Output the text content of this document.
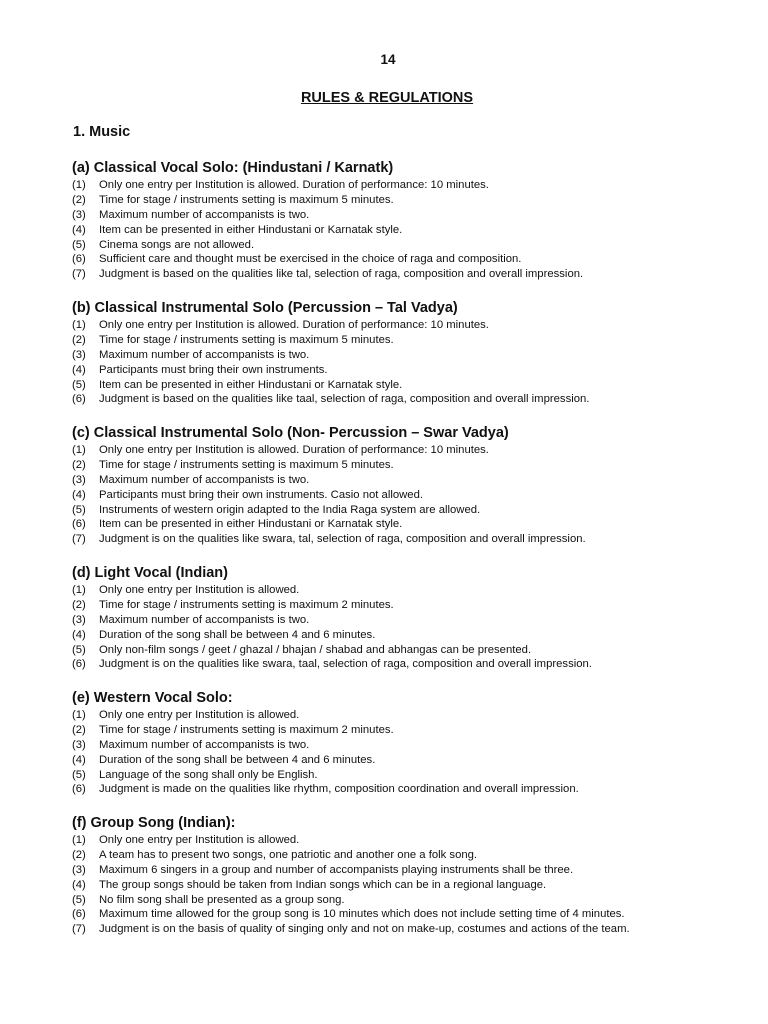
14
RULES & REGULATIONS
1. Music
(a) Classical Vocal Solo: (Hindustani / Karnatk)
(1) Only one entry per Institution is allowed. Duration of performance: 10 minutes.
(2) Time for stage / instruments setting is maximum 5 minutes.
(3) Maximum number of accompanists is two.
(4) Item can be presented in either Hindustani or Karnatak style.
(5) Cinema songs are not allowed.
(6) Sufficient care and thought must be exercised in the choice of raga and composition.
(7) Judgment is based on the qualities like tal, selection of raga, composition and overall impression.
(b) Classical Instrumental Solo (Percussion – Tal Vadya)
(1) Only one entry per Institution is allowed. Duration of performance: 10 minutes.
(2) Time for stage / instruments setting is maximum 5 minutes.
(3) Maximum number of accompanists is two.
(4) Participants must bring their own instruments.
(5) Item can be presented in either Hindustani or Karnatak style.
(6) Judgment is based on the qualities like taal, selection of raga, composition and overall impression.
(c) Classical Instrumental Solo (Non- Percussion – Swar Vadya)
(1) Only one entry per Institution is allowed. Duration of performance: 10 minutes.
(2) Time for stage / instruments setting is maximum 5 minutes.
(3) Maximum number of accompanists is two.
(4) Participants must bring their own instruments. Casio not allowed.
(5) Instruments of western origin adapted to the India Raga system are allowed.
(6) Item can be presented in either Hindustani or Karnatak style.
(7) Judgment is on the qualities like swara, tal, selection of raga, composition and overall impression.
(d) Light Vocal (Indian)
(1) Only one entry per Institution is allowed.
(2) Time for stage / instruments setting is maximum 2 minutes.
(3) Maximum number of accompanists is two.
(4) Duration of the song shall be between 4 and 6 minutes.
(5) Only non-film songs / geet / ghazal / bhajan / shabad and abhangas can be presented.
(6) Judgment is on the qualities like swara, taal, selection of raga, composition and overall impression.
(e) Western Vocal Solo:
(1) Only one entry per Institution is allowed.
(2) Time for stage / instruments setting is maximum 2 minutes.
(3) Maximum number of accompanists is two.
(4) Duration of the song shall be between 4 and 6 minutes.
(5) Language of the song shall only be English.
(6) Judgment is made on the qualities like rhythm, composition coordination and overall impression.
(f) Group Song (Indian):
(1) Only one entry per Institution is allowed.
(2) A team has to present two songs, one patriotic and another one a folk song.
(3) Maximum 6 singers in a group and number of accompanists playing instruments shall be three.
(4) The group songs should be taken from Indian songs which can be in a regional language.
(5) No film song shall be presented as a group song.
(6) Maximum time allowed for the group song is 10 minutes which does not include setting time of 4 minutes.
(7) Judgment is on the basis of quality of singing only and not on make-up, costumes and actions of the team.
